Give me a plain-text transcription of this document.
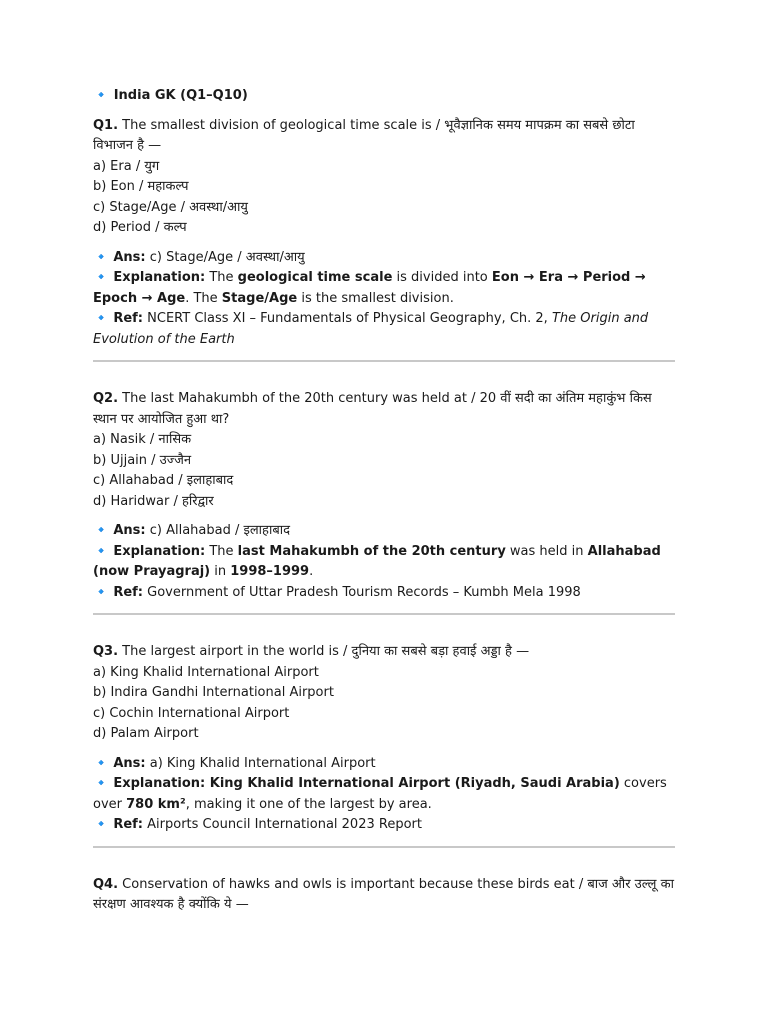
🔹 India GK (Q1–Q10)

Q1. The smallest division of geological time scale is / भूवैज्ञानिक समय मापक्रम का सबसे छोटा विभाजन है —

a) Era / युग

b) Eon / महाकल्प

c) Stage/Age / अवस्था/आयु

d) Period / कल्प

🔹 Ans: c) Stage/Age / अवस्था/आयु

🔹 Explanation: The geological time scale is divided into Eon → Era → Period → Epoch → Age. The Stage/Age is the smallest division.

🔹 Ref: NCERT Class XI – Fundamentals of Physical Geography, Ch. 2, The Origin and Evolution of the Earth

Q2. The last Mahakumbh of the 20th century was held at / 20 वीं सदी का अंतिम महाकुंभ किस स्थान पर आयोजित हुआ था?

a) Nasik / नासिक

b) Ujjain / उज्जैन

c) Allahabad / इलाहाबाद

d) Haridwar / हरिद्वार

🔹 Ans: c) Allahabad / इलाहाबाद

🔹 Explanation: The last Mahakumbh of the 20th century was held in Allahabad (now Prayagraj) in 1998–1999.

🔹 Ref: Government of Uttar Pradesh Tourism Records – Kumbh Mela 1998

Q3. The largest airport in the world is / दुनिया का सबसे बड़ा हवाई अड्डा है —

a) King Khalid International Airport

b) Indira Gandhi International Airport

c) Cochin International Airport

d) Palam Airport

🔹 Ans: a) King Khalid International Airport

🔹 Explanation: King Khalid International Airport (Riyadh, Saudi Arabia) covers over 780 km², making it one of the largest by area.

🔹 Ref: Airports Council International 2023 Report

Q4. Conservation of hawks and owls is important because these birds eat / बाज और उल्लू का संरक्षण आवश्यक है क्योंकि ये —
